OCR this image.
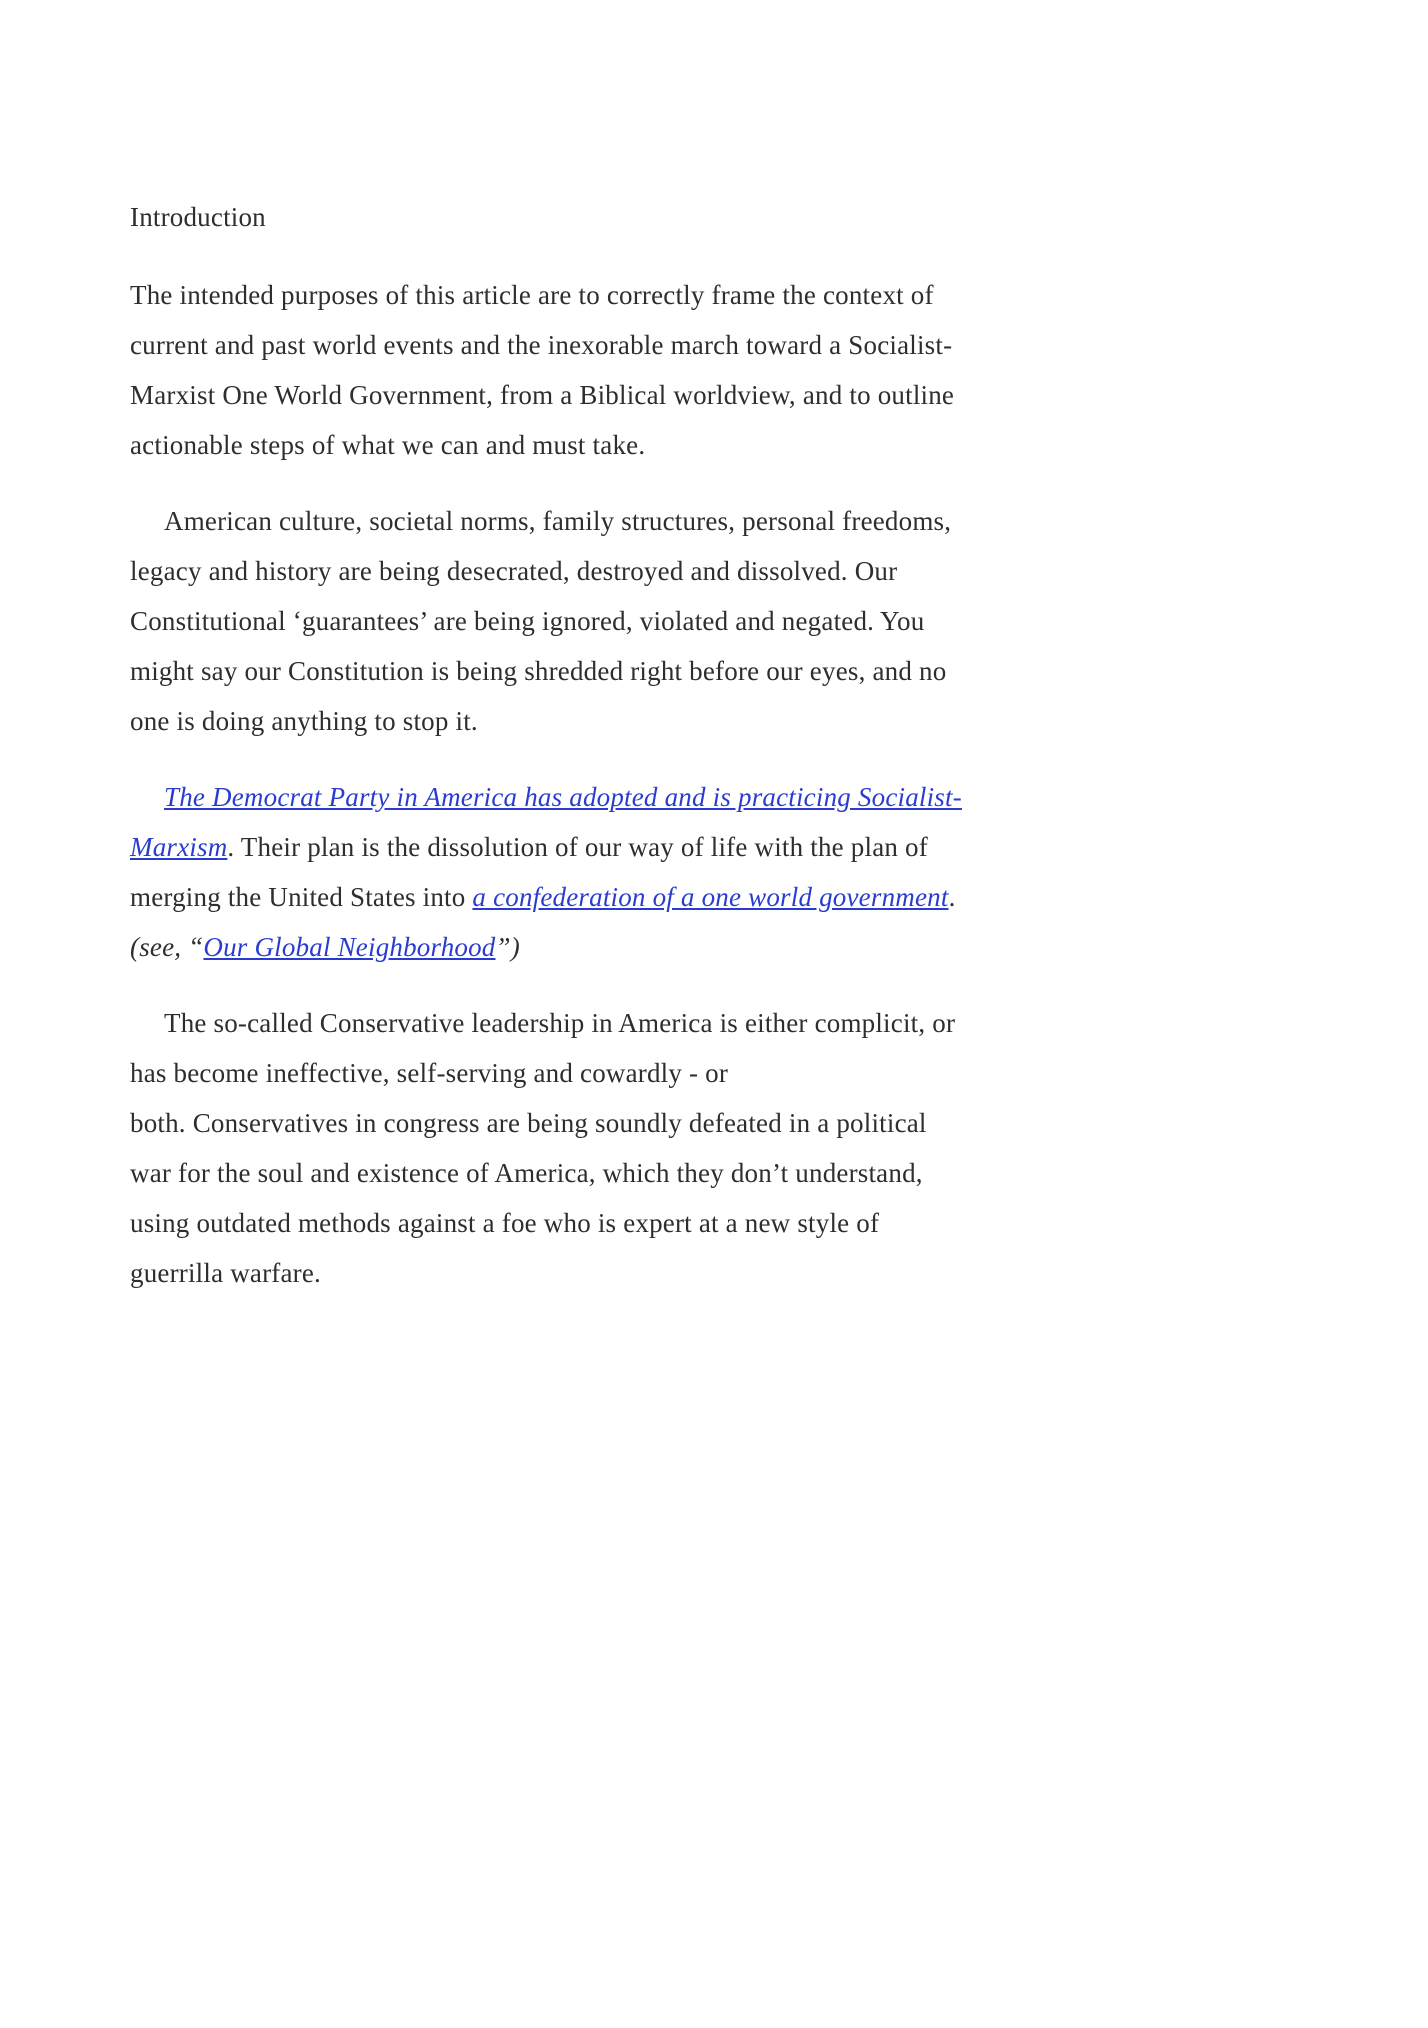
Introduction

The intended purposes of this article are to correctly frame the context of current and past world events and the inexorable march toward a Socialist-Marxist One World Government, from a Biblical worldview, and to outline actionable steps of what we can and must take.

American culture, societal norms, family structures, personal freedoms, legacy and history are being desecrated, destroyed and dissolved. Our Constitutional ‘guarantees’ are being ignored, violated and negated. You might say our Constitution is being shredded right before our eyes, and no one is doing anything to stop it.

The Democrat Party in America has adopted and is practicing Socialist-Marxism. Their plan is the dissolution of our way of life with the plan of merging the United States into a confederation of a one world government. (see, “Our Global Neighborhood”)

The so-called Conservative leadership in America is either complicit, or has become ineffective, self-serving and cowardly - or
both. Conservatives in congress are being soundly defeated in a political war for the soul and existence of America, which they don’t understand, using outdated methods against a foe who is expert at a new style of guerrilla warfare.
